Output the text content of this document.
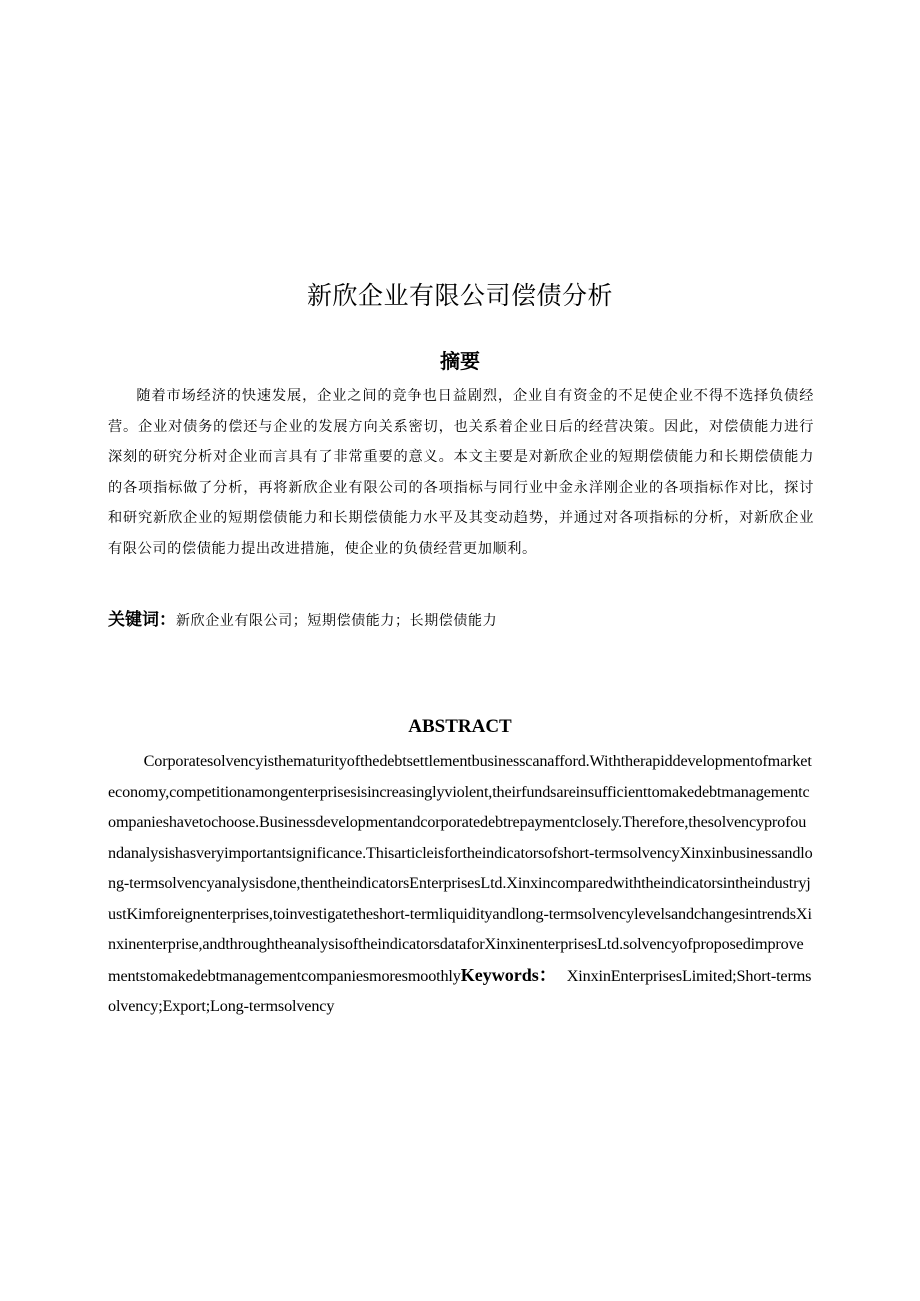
新欣企业有限公司偿债分析
摘要

随着市场经济的快速发展，企业之间的竞争也日益剧烈，企业自有资金的不足使企业不得不选择负债经营。企业对债务的偿还与企业的发展方向关系密切，也关系着企业日后的经营决策。因此，对偿债能力进行深刻的研究分析对企业而言具有了非常重要的意义。本文主要是对新欣企业的短期偿债能力和长期偿债能力的各项指标做了分析，再将新欣企业有限公司的各项指标与同行业中金永洋刚企业的各项指标作对比，探讨和研究新欣企业的短期偿债能力和长期偿债能力水平及其变动趋势，并通过对各项指标的分析，对新欣企业有限公司的偿债能力提出改进措施，使企业的负债经营更加顺利。

关键词：新欣企业有限公司；短期偿债能力；长期偿债能力

ABSTRACT

Corporatesolvencyisthematurityofthedebtsettlementbusinesscanafford.Withtherapiddevelopmentofmarketeconomy,competitionamongenterprisesisincreasinglyviolent,theirfundsareinsufficienttomakedebtmanagementcompanieshavetochoose.Businessdevelopmentandcorporatedebtrepaymentclosely.Therefore,thesolvencyprofoundanalysishasveryimportantsignificance.Thisarticleisfortheindicatorsofshort-termsolvencyXinxinbusinessandlong-termsolvencyanalysisdone,thentheindicatorsEnterprisesLtd.XinxincomparedwiththeindicatorsintheindustryjustKimforeignenterprises,toinvestigatetheshort-termliquidityandlong-termsolvencylevelsandchangesintrendsXinxinenterprise,andthroughtheanalysisoftheindicatorsdataforXinxinenterprisesLtd.solvencyofproposedimprovementstomakedebtmanagementcompaniesmoresmoothlyKeywords： XinxinEnterprisesLimited;Short-termsolvency;Export;Long-termsolvency
